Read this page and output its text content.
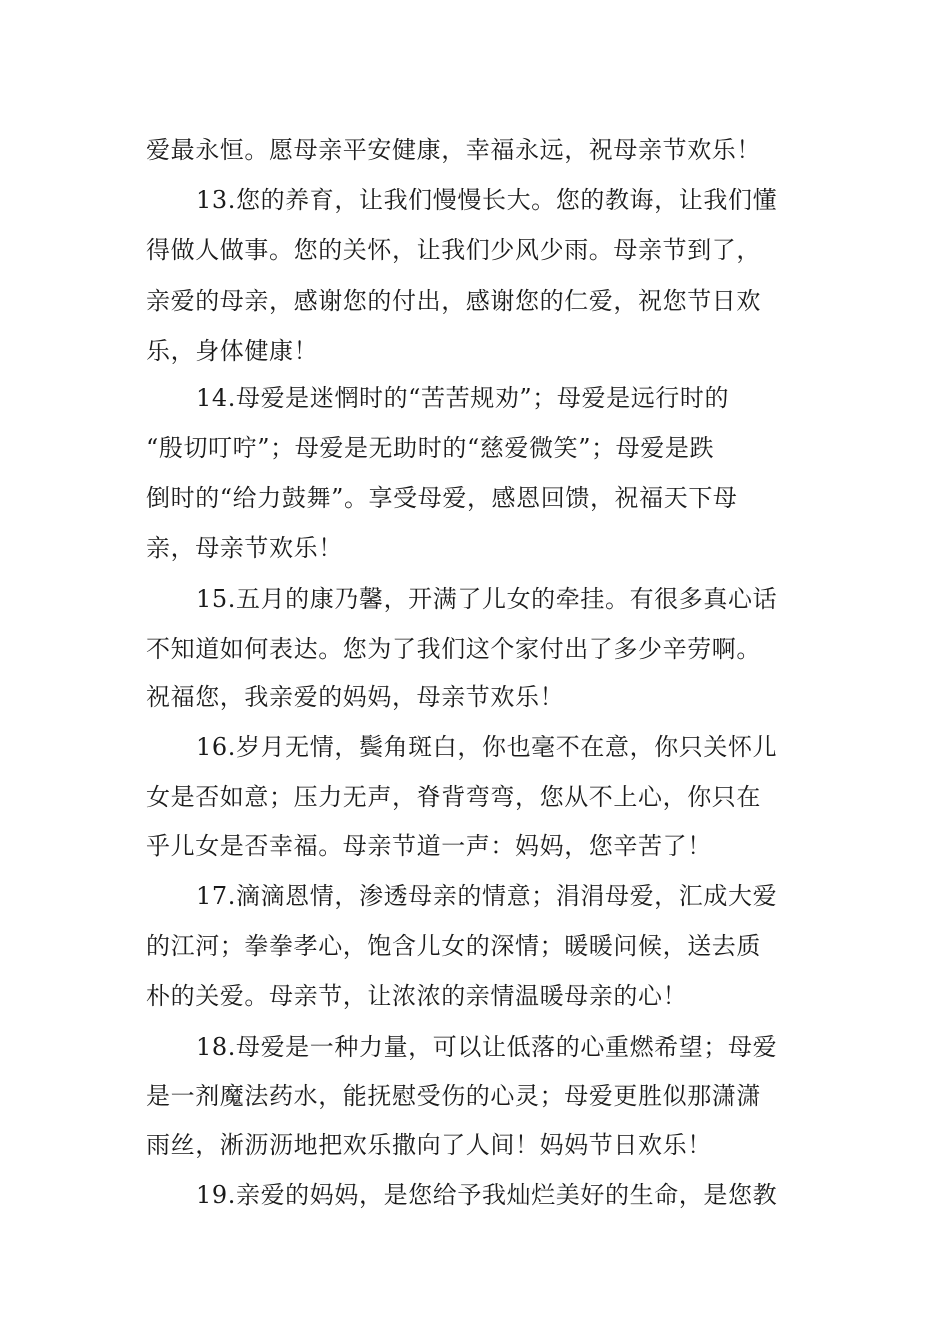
爱最永恒。愿母亲平安健康，幸福永远，祝母亲节欢乐！
13.您的养育，让我们慢慢长大。您的教诲，让我们懂
得做人做事。您的关怀，让我们少风少雨。母亲节到了，
亲爱的母亲，感谢您的付出，感谢您的仁爱，祝您节日欢
乐，身体健康！
14.母爱是迷惘时的“苦苦规劝”；母爱是远行时的
“殷切叮咛”；母爱是无助时的“慈爱微笑”；母爱是跌
倒时的“给力鼓舞”。享受母爱，感恩回馈，祝福天下母
亲，母亲节欢乐！
15.五月的康乃馨，开满了儿女的牵挂。有很多真心话
不知道如何表达。您为了我们这个家付出了多少辛劳啊。
祝福您，我亲爱的妈妈，母亲节欢乐！
16.岁月无情，鬓角斑白，你也毫不在意，你只关怀儿
女是否如意；压力无声，脊背弯弯，您从不上心，你只在
乎儿女是否幸福。母亲节道一声：妈妈，您辛苦了！
17.滴滴恩情，渗透母亲的情意；涓涓母爱，汇成大爱
的江河；拳拳孝心，饱含儿女的深情；暖暖问候，送去质
朴的关爱。母亲节，让浓浓的亲情温暖母亲的心！
18.母爱是一种力量，可以让低落的心重燃希望；母爱
是一剂魔法药水，能抚慰受伤的心灵；母爱更胜似那潇潇
雨丝，淅沥沥地把欢乐撒向了人间！妈妈节日欢乐！
19.亲爱的妈妈，是您给予我灿烂美好的生命，是您教
